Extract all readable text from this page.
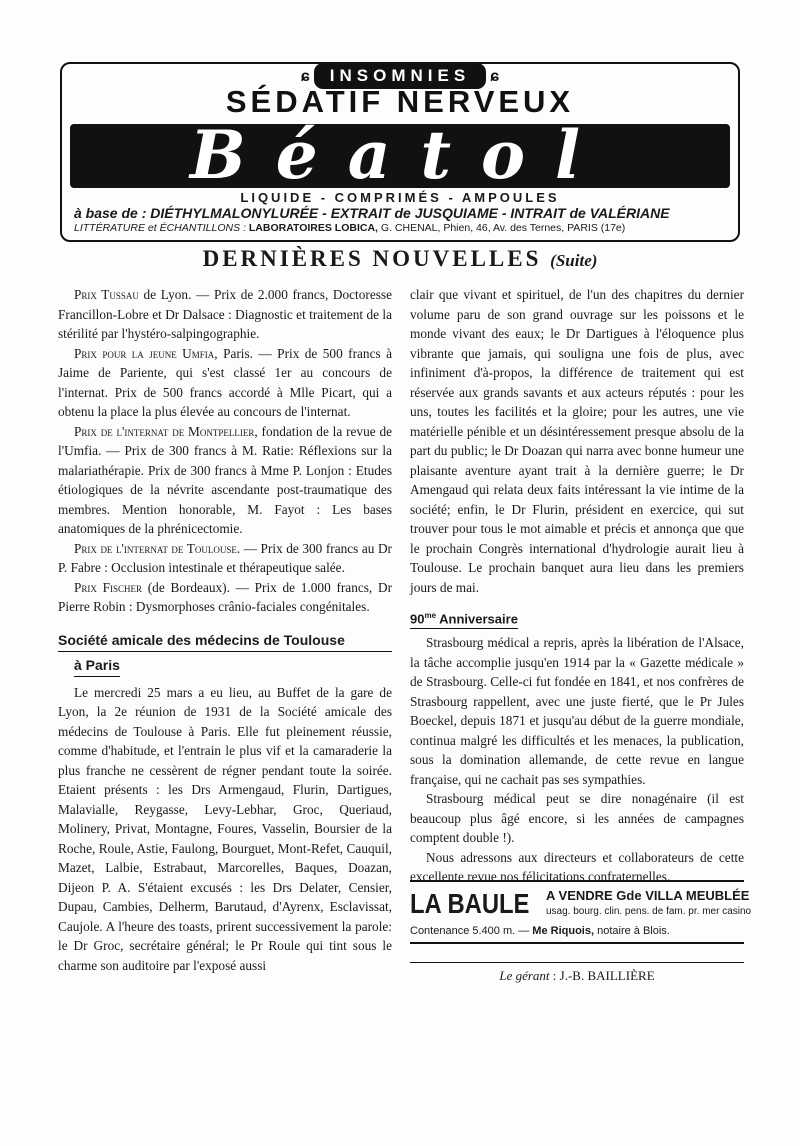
ɕ INSOMNIES ɕ
SÉDATIF NERVEUX
Béatol
LIQUIDE - COMPRIMÉS - AMPOULES
à base de : DIÉTHYLMALONYLURÉE - EXTRAIT de JUSQUIAME - INTRAIT de VALÉRIANE
LITTÉRATURE et ÉCHANTILLONS : LABORATOIRES LOBICA, G. CHENAL, Phien, 46, Av. des Ternes, PARIS (17e)
DERNIÈRES NOUVELLES (Suite)

Prix Tussau de Lyon. — Prix de 2.000 francs, Doctoresse Francillon-Lobre et Dr Dalsace : Diagnostic et traitement de la stérilité par l'hystéro-salpingographie.

Prix pour la jeune Umfia, Paris. — Prix de 500 francs à Jaime de Pariente, qui s'est classé 1er au concours de l'internat. Prix de 500 francs accordé à Mlle Picart, qui a obtenu la place la plus élevée au concours de l'internat.

Prix de l'internat de Montpellier, fondation de la revue de l'Umfia. — Prix de 300 francs à M. Ratie: Réflexions sur la malariathérapie. Prix de 300 francs à Mme P. Lonjon : Etudes étiologiques de la névrite ascendante post-traumatique des membres. Mention honorable, M. Fayot : Les bases anatomiques de la phrénicectomie.

Prix de l'internat de Toulouse. — Prix de 300 francs au Dr P. Fabre : Occlusion intestinale et thérapeutique salée.

Prix Fischer (de Bordeaux). — Prix de 1.000 francs, Dr Pierre Robin : Dysmorphoses crânio-faciales congénitales.

Société amicale des médecins de Toulouse
à Paris

Le mercredi 25 mars a eu lieu, au Buffet de la gare de Lyon, la 2e réunion de 1931 de la Société amicale des médecins de Toulouse à Paris. Elle fut pleinement réussie, comme d'habitude, et l'entrain le plus vif et la camaraderie la plus franche ne cessèrent de régner pendant toute la soirée. Etaient présents : les Drs Armengaud, Flurin, Dartigues, Malavialle, Reygasse, Levy-Lebhar, Groc, Queriaud, Molinery, Privat, Montagne, Foures, Vasselin, Boursier de la Roche, Roule, Astie, Faulong, Bourguet, Mont-Refet, Cauquil, Mazet, Lalbie, Estrabaut, Marcorelles, Baques, Doazan, Dijeon P. A. S'étaient excusés : les Drs Delater, Censier, Dupau, Cambies, Delherm, Barutaud, d'Ayrenx, Esclavissat, Caujole. A l'heure des toasts, prirent successivement la parole: le Dr Groc, secrétaire général; le Pr Roule qui tint sous le charme son auditoire par l'exposé aussi

clair que vivant et spirituel, de l'un des chapitres du dernier volume paru de son grand ouvrage sur les poissons et le monde vivant des eaux; le Dr Dartigues à l'éloquence plus vibrante que jamais, qui souligna une fois de plus, avec infiniment d'à-propos, la différence de traitement qui est réservée aux grands savants et aux acteurs réputés : pour les uns, toutes les facilités et la gloire; pour les autres, une vie matérielle pénible et un désintéressement presque absolu de la part du public; le Dr Doazan qui narra avec bonne humeur une plaisante aventure ayant trait à la dernière guerre; le Dr Amengaud qui relata deux faits intéressant la vie intime de la société; enfin, le Dr Flurin, président en exercice, qui sut trouver pour tous le mot aimable et précis et annonça que que le prochain Congrès international d'hydrologie aurait lieu à Toulouse. Le prochain banquet aura lieu dans les premiers jours de mai.

$90^{me}$ Anniversaire

Strasbourg médical a repris, après la libération de l'Alsace, la tâche accomplie jusqu'en 1914 par la « Gazette médicale » de Strasbourg. Celle-ci fut fondée en 1841, et nos confrères de Strasbourg rappellent, avec une juste fierté, que le Pr Jules Boeckel, depuis 1871 et jusqu'au début de la guerre mondiale, continua malgré les difficultés et les menaces, la publication, sous la domination allemande, de cette revue en langue française, qui ne cachait pas ses sympathies.

Strasbourg médical peut se dire nonagénaire (il est beaucoup plus âgé encore, si les années de campagnes comptent double !).

Nous adressons aux directeurs et collaborateurs de cette excellente revue nos félicitations confraternelles.

LA BAULE A VENDRE Gde VILLA MEUBLÉE
usag. bourg. clin. pens. de fam. pr. mer casino
Contenance 5.400 m. — Me Riquois, notaire à Blois.
Le gérant : J.-B. BAILLIÈRE
